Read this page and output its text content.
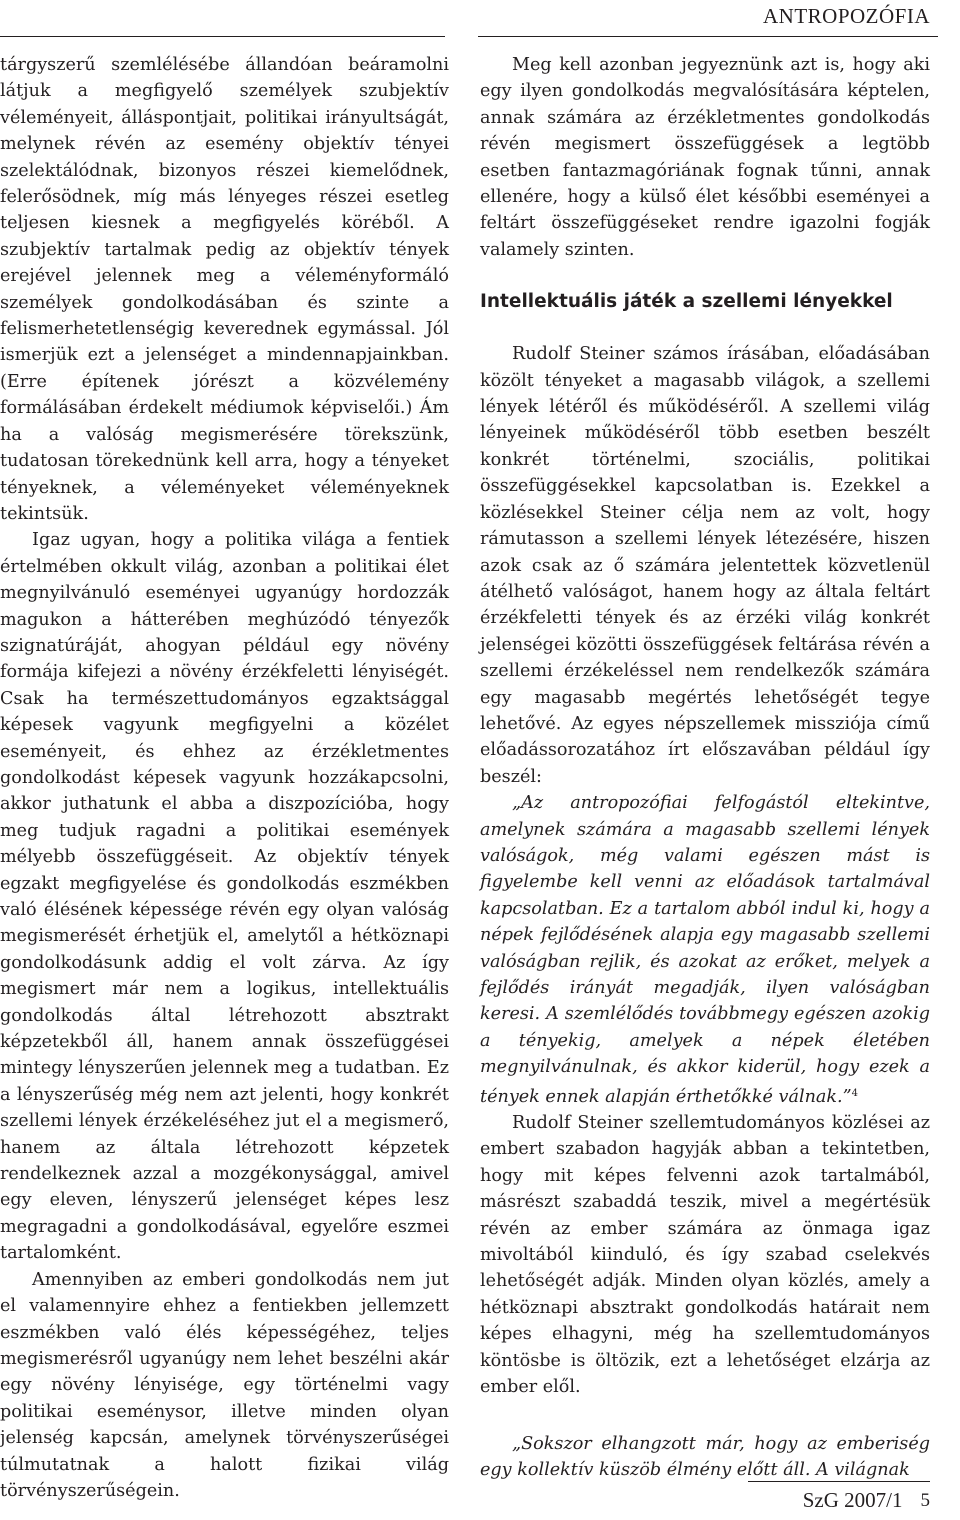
ANTROPOZÓFIA

tárgyszerű szemlélésébe állandóan beáramolni látjuk a megfigyelő személyek szubjektív véleményeit, álláspontjait, politikai irányultságát, melynek révén az esemény objektív tényei szelektálódnak, bizonyos részei kiemelődnek, felerősödnek, míg más lényeges részei esetleg teljesen kiesnek a megfigyelés köréből. A szubjektív tartalmak pedig az objektív tények erejével jelennek meg a véleményformáló személyek gondolkodásában és szinte a felismerhetetlenségig keverednek egymással. Jól ismerjük ezt a jelenséget a mindennapjainkban. (Erre építenek jórészt a közvélemény formálásában érdekelt médiumok képviselői.) Ám ha a valóság megismerésére törekszünk, tudatosan törekednünk kell arra, hogy a tényeket tényeknek, a véleményeket véleményeknek tekintsük.

Igaz ugyan, hogy a politika világa a fentiek értelmében okkult világ, azonban a politikai élet megnyilvánuló eseményei ugyanúgy hordozzák magukon a hátterében meghúzódó tényezők szignatúráját, ahogyan például egy növény formája kifejezi a növény érzékfeletti lényiségét. Csak ha természettudományos egzaktsággal képesek vagyunk megfigyelni a közélet eseményeit, és ehhez az érzékletmentes gondolkodást képesek vagyunk hozzákapcsolni, akkor juthatunk el abba a diszpozícióba, hogy meg tudjuk ragadni a politikai események mélyebb összefüggéseit. Az objektív tények egzakt megfigyelése és gondolkodás eszmékben való élésének képessége révén egy olyan valóság megismerését érhetjük el, amelytől a hétköznapi gondolkodásunk addig el volt zárva. Az így megismert már nem a logikus, intellektuális gondolkodás által létrehozott absztrakt képzetekből áll, hanem annak összefüggései mintegy lényszerűen jelennek meg a tudatban. Ez a lényszerűség még nem azt jelenti, hogy konkrét szellemi lények érzékeléséhez jut el a megismerő, hanem az általa létrehozott képzetek rendelkeznek azzal a mozgékonysággal, amivel egy eleven, lényszerű jelenséget képes lesz megragadni a gondolkodásával, egyelőre eszmei tartalomként.

Amennyiben az emberi gondolkodás nem jut el valamennyire ehhez a fentiekben jellemzett eszmékben való élés képességéhez, teljes megismerésről ugyanúgy nem lehet beszélni akár egy növény lényisége, egy történelmi vagy politikai eseménysor, illetve minden olyan jelenség kapcsán, amelynek törvényszerűségei túlmutatnak a halott fizikai világ törvényszerűségein.

Meg kell azonban jegyeznünk azt is, hogy aki egy ilyen gondolkodás megvalósítására képtelen, annak számára az érzékletmentes gondolkodás révén megismert összefüggések a legtöbb esetben fantazmagóriának fognak tűnni, annak ellenére, hogy a külső élet későbbi eseményei a feltárt összefüggéseket rendre igazolni fogják valamely szinten.

Intellektuális játék a szellemi lényekkel

Rudolf Steiner számos írásában, előadásában közölt tényeket a magasabb világok, a szellemi lények létéről és működéséről. A szellemi világ lényeinek működéséről több esetben beszélt konkrét történelmi, szociális, politikai összefüggésekkel kapcsolatban is. Ezekkel a közlésekkel Steiner célja nem az volt, hogy rámutasson a szellemi lények létezésére, hiszen azok csak az ő számára jelentettek közvetlenül átélhető valóságot, hanem hogy az általa feltárt érzékfeletti tények és az érzéki világ konkrét jelenségei közötti összefüggések feltárása révén a szellemi érzékeléssel nem rendelkezők számára egy magasabb megértés lehetőségét tegye lehetővé. Az egyes népszellemek missziója című előadássorozatához írt előszavában például így beszél:

„Az antropozófiai felfogástól eltekintve, amelynek számára a magasabb szellemi lények valóságok, még valami egészen mást is figyelembe kell venni az előadások tartalmával kapcsolatban. Ez a tartalom abból indul ki, hogy a népek fejlődésének alapja egy magasabb szellemi valóságban rejlik, és azokat az erőket, melyek a fejlődés irányát megadják, ilyen valóságban keresi. A szemlélődés továbbmegy egészen azokig a tényekig, amelyek a népek életében megnyilvánulnak, és akkor kiderül, hogy ezek a tények ennek alapján érthetőkké válnak.”$^4$

Rudolf Steiner szellemtudományos közlései az embert szabadon hagyják abban a tekintetben, hogy mit képes felvenni azok tartalmából, másrészt szabaddá teszik, mivel a megértésük révén az ember számára az önmaga igaz mivoltából kiinduló, és így szabad cselekvés lehetőségét adják. Minden olyan közlés, amely a hétköznapi absztrakt gondolkodás határait nem képes elhagyni, még ha szellemtudományos köntösbe is öltözik, ezt a lehetőséget elzárja az ember elől.

„Sokszor elhangzott már, hogy az emberiség egy kollektív küszöb élmény előtt áll. A világnak

SzG 2007/1 5
